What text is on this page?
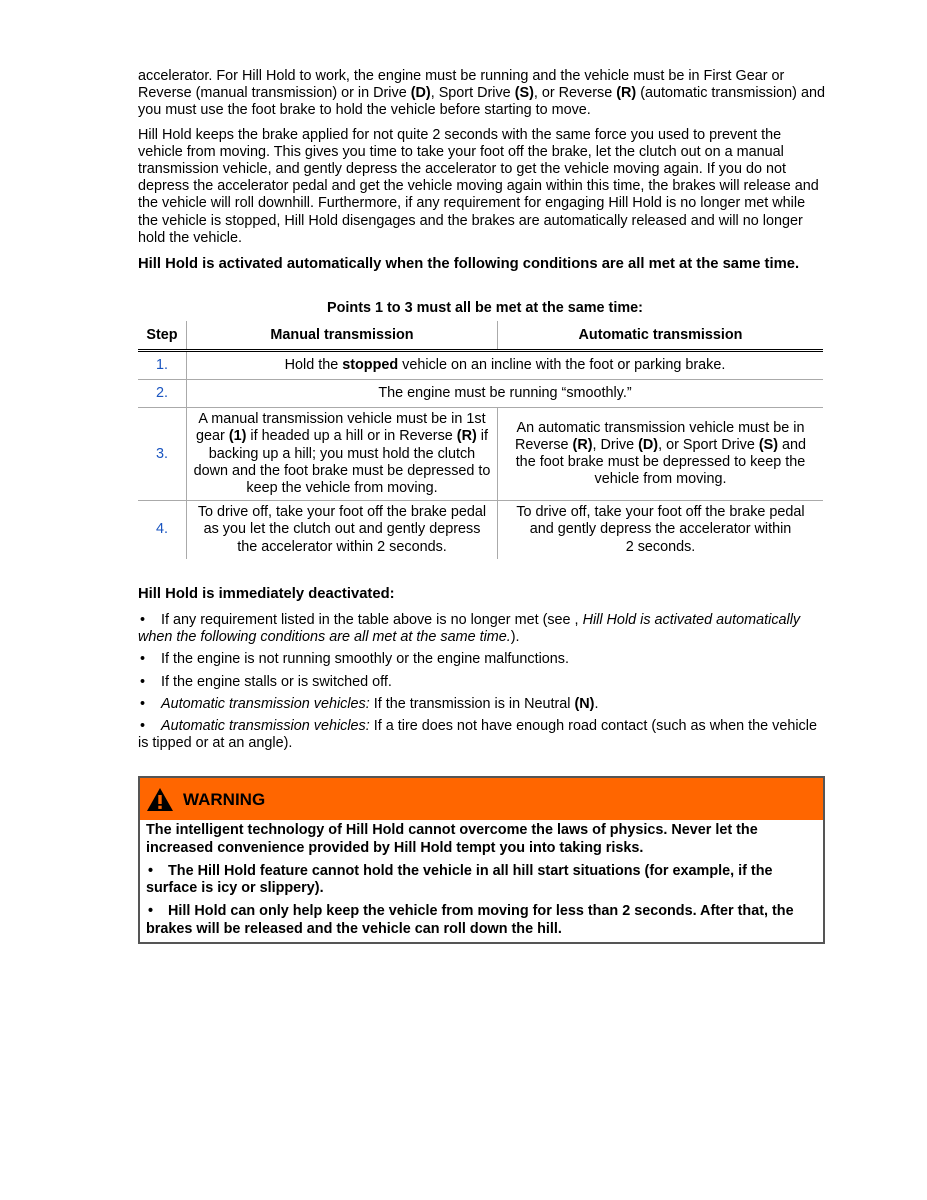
accelerator. For Hill Hold to work, the engine must be running and the vehicle must be in First Gear or Reverse (manual transmission) or in Drive (D), Sport Drive (S), or Reverse (R) (automatic transmission) and you must use the foot brake to hold the vehicle before starting to move.

Hill Hold keeps the brake applied for not quite 2 seconds with the same force you used to prevent the vehicle from moving. This gives you time to take your foot off the brake, let the clutch out on a manual transmission vehicle, and gently depress the accelerator to get the vehicle moving again. If you do not depress the accelerator pedal and get the vehicle moving again within this time, the brakes will release and the vehicle will roll downhill. Furthermore, if any requirement for engaging Hill Hold is no longer met while the vehicle is stopped, Hill Hold disengages and the brakes are automatically released and will no longer hold the vehicle.

Hill Hold is activated automatically when the following conditions are all met at the same time.

Points 1 to 3 must all be met at the same time:

Step	Manual transmission	Automatic transmission
1.	Hold the stopped vehicle on an incline with the foot or parking brake.	
2.	The engine must be running “smoothly.”	
3.	A manual transmission vehicle must be in 1st gear (1) if headed up a hill or in Reverse (R) if backing up a hill; you must hold the clutch down and the foot brake must be depressed to keep the vehicle from moving.	An automatic transmission vehicle must be in Reverse (R), Drive (D), or Sport Drive (S) and the foot brake must be depressed to keep the vehicle from moving.
4.	To drive off, take your foot off the brake pedal as you let the clutch out and gently depress the accelerator within 2 seconds.	To drive off, take your foot off the brake pedal and gently depress the accelerator within
2 seconds.

Hill Hold is immediately deactivated:

• If any requirement listed in the table above is no longer met (see , Hill Hold is activated automatically when the following conditions are all met at the same time.).

• If the engine is not running smoothly or the engine malfunctions.

• If the engine stalls or is switched off.

• Automatic transmission vehicles: If the transmission is in Neutral (N).

• Automatic transmission vehicles: If a tire does not have enough road contact (such as when the vehicle is tipped or at an angle).

WARNING

The intelligent technology of Hill Hold cannot overcome the laws of physics. Never let the increased convenience provided by Hill Hold tempt you into taking risks.

• The Hill Hold feature cannot hold the vehicle in all hill start situations (for example, if the surface is icy or slippery).

• Hill Hold can only help keep the vehicle from moving for less than 2 seconds. After that, the brakes will be released and the vehicle can roll down the hill.
